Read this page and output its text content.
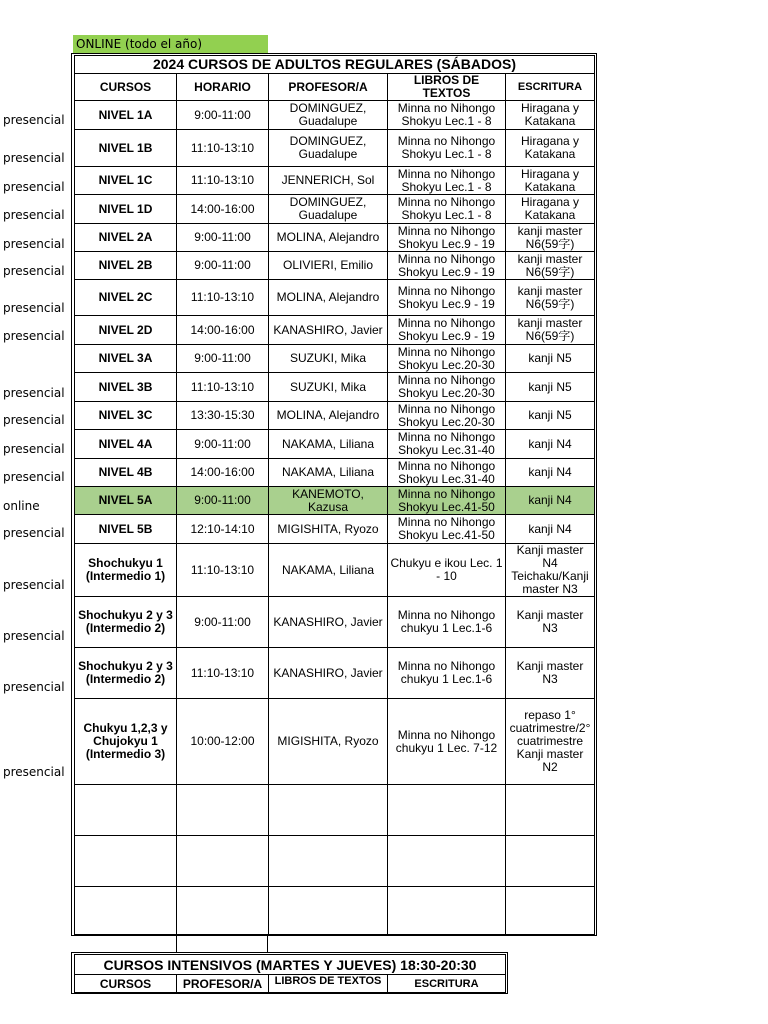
ONLINE (todo el año)
presencial
presencial
presencial
presencial
presencial
presencial
presencial
presencial
presencial
presencial
presencial
presencial
online
presencial
presencial
presencial
presencial
presencial
2024 CURSOS DE ADULTOS REGULARES (SÁBADOS)				
CURSOS	HORARIO	PROFESOR/A	LIBROS DE TEXTOS	ESCRITURA
NIVEL 1A	9:00-11:00	DOMINGUEZ, Guadalupe	Minna no Nihongo Shokyu Lec.1 - 8	Hiragana y Katakana
NIVEL 1B	11:10-13:10	DOMINGUEZ, Guadalupe	Minna no Nihongo Shokyu Lec.1 - 8	Hiragana y Katakana
NIVEL 1C	11:10-13:10	JENNERICH, Sol	Minna no Nihongo Shokyu Lec.1 - 8	Hiragana y Katakana
NIVEL 1D	14:00-16:00	DOMINGUEZ, Guadalupe	Minna no Nihongo Shokyu Lec.1 - 8	Hiragana y Katakana
NIVEL 2A	9:00-11:00	MOLINA, Alejandro	Minna no Nihongo Shokyu Lec.9 - 19	kanji master N6(59字)
NIVEL 2B	9:00-11:00	OLIVIERI, Emilio	Minna no Nihongo Shokyu Lec.9 - 19	kanji master N6(59字)
NIVEL 2C	11:10-13:10	MOLINA, Alejandro	Minna no Nihongo Shokyu Lec.9 - 19	kanji master N6(59字)
NIVEL 2D	14:00-16:00	KANASHIRO, Javier	Minna no Nihongo Shokyu Lec.9 - 19	kanji master N6(59字)
NIVEL 3A	9:00-11:00	SUZUKI, Mika	Minna no Nihongo Shokyu Lec.20-30	kanji N5
NIVEL 3B	11:10-13:10	SUZUKI, Mika	Minna no Nihongo Shokyu Lec.20-30	kanji N5
NIVEL 3C	13:30-15:30	MOLINA, Alejandro	Minna no Nihongo Shokyu Lec.20-30	kanji N5
NIVEL 4A	9:00-11:00	NAKAMA, Liliana	Minna no Nihongo Shokyu Lec.31-40	kanji N4
NIVEL 4B	14:00-16:00	NAKAMA, Liliana	Minna no Nihongo Shokyu Lec.31-40	kanji N4
NIVEL 5A	9:00-11:00	KANEMOTO, Kazusa	Minna no Nihongo Shokyu Lec.41-50	kanji N4
NIVEL 5B	12:10-14:10	MIGISHITA, Ryozo	Minna no Nihongo Shokyu Lec.41-50	kanji N4
Shochukyu 1 (Intermedio 1)	11:10-13:10	NAKAMA, Liliana	Chukyu e ikou Lec. 1 - 10	Kanji master N4 Teichaku/Kanji master N3
Shochukyu 2 y 3 (Intermedio 2)	9:00-11:00	KANASHIRO, Javier	Minna no Nihongo chukyu 1 Lec.1-6	Kanji master N3
Shochukyu 2 y 3 (Intermedio 2)	11:10-13:10	KANASHIRO, Javier	Minna no Nihongo chukyu 1 Lec.1-6	Kanji master N3
Chukyu 1,2,3 y Chujokyu 1 (Intermedio 3)	10:00-12:00	MIGISHITA, Ryozo	Minna no Nihongo chukyu 1 Lec. 7-12	repaso 1° cuatrimestre/2° cuatrimestre Kanji master N2

CURSOS INTENSIVOS (MARTES Y JUEVES) 18:30-20:30
CURSOS	PROFESOR/A	LIBROS DE TEXTOS	ESCRITURA
